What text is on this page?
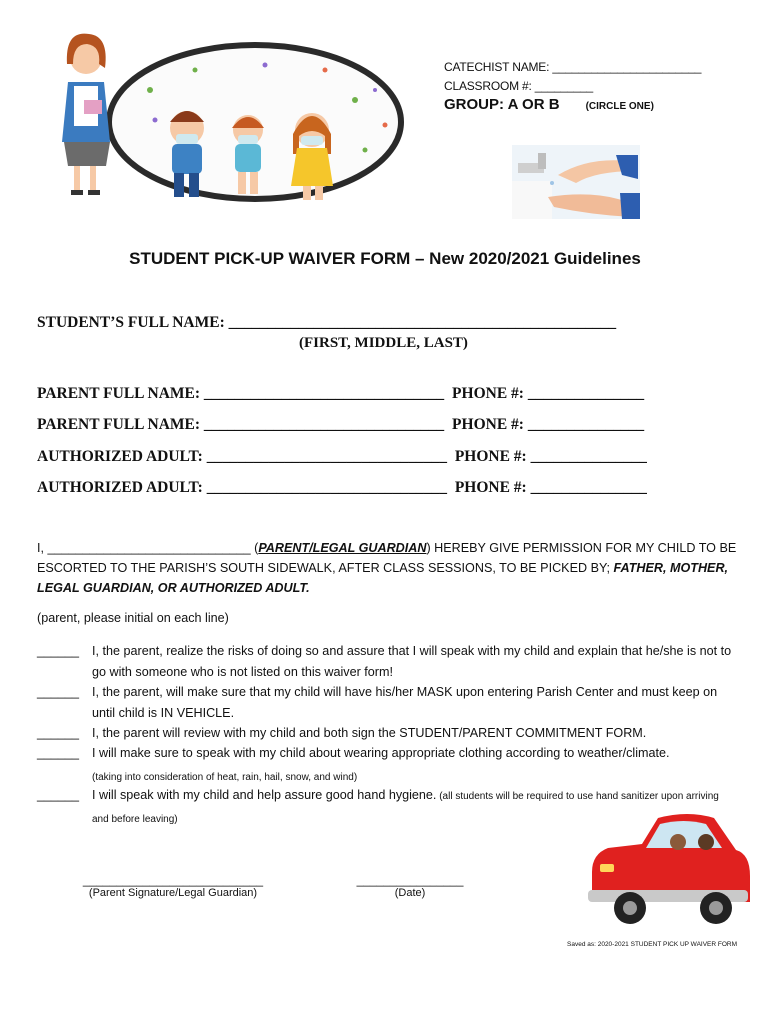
CATECHIST NAME: _______________________
CLASSROOM #: _________
GROUP: A OR B	(CIRCLE ONE)
STUDENT PICK-UP WAIVER FORM – New 2020/2021 Guidelines
STUDENT’S FULL NAME: __________________________________________________
(FIRST, MIDDLE, LAST)
PARENT FULL NAME: _______________________________ PHONE #: _______________
PARENT FULL NAME: _______________________________ PHONE #: _______________
AUTHORIZED ADULT: _______________________________ PHONE #: _______________
AUTHORIZED ADULT: _______________________________ PHONE #: _______________
I, _____________________________ (PARENT/LEGAL GUARDIAN) HEREBY GIVE PERMISSION FOR MY CHILD TO BE ESCORTED TO THE PARISH’S SOUTH SIDEWALK, AFTER CLASS SESSIONS, TO BE PICKED BY; FATHER, MOTHER, LEGAL GUARDIAN, OR AUTHORIZED ADULT.
(parent, please initial on each line)
______	I, the parent, realize the risks of doing so and assure that I will speak with my child and explain that he/she is not to go with someone who is not listed on this waiver form!
______	I, the parent, will make sure that my child will have his/her MASK upon entering Parish Center and must keep on until child is IN VEHICLE.
______	I, the parent will review with my child and both sign the STUDENT/PARENT COMMITMENT FORM.
______	I will make sure to speak with my child about wearing appropriate clothing according to weather/climate. (taking into consideration of heat, rain, hail, snow, and wind)
______	I will speak with my child and help assure good hand hygiene. (all students will be required to use hand sanitizer upon arriving and before leaving)
___________________________
(Parent Signature/Legal Guardian)
________________
(Date)
Saved as: 2020-2021 STUDENT PICK UP WAIVER FORM
